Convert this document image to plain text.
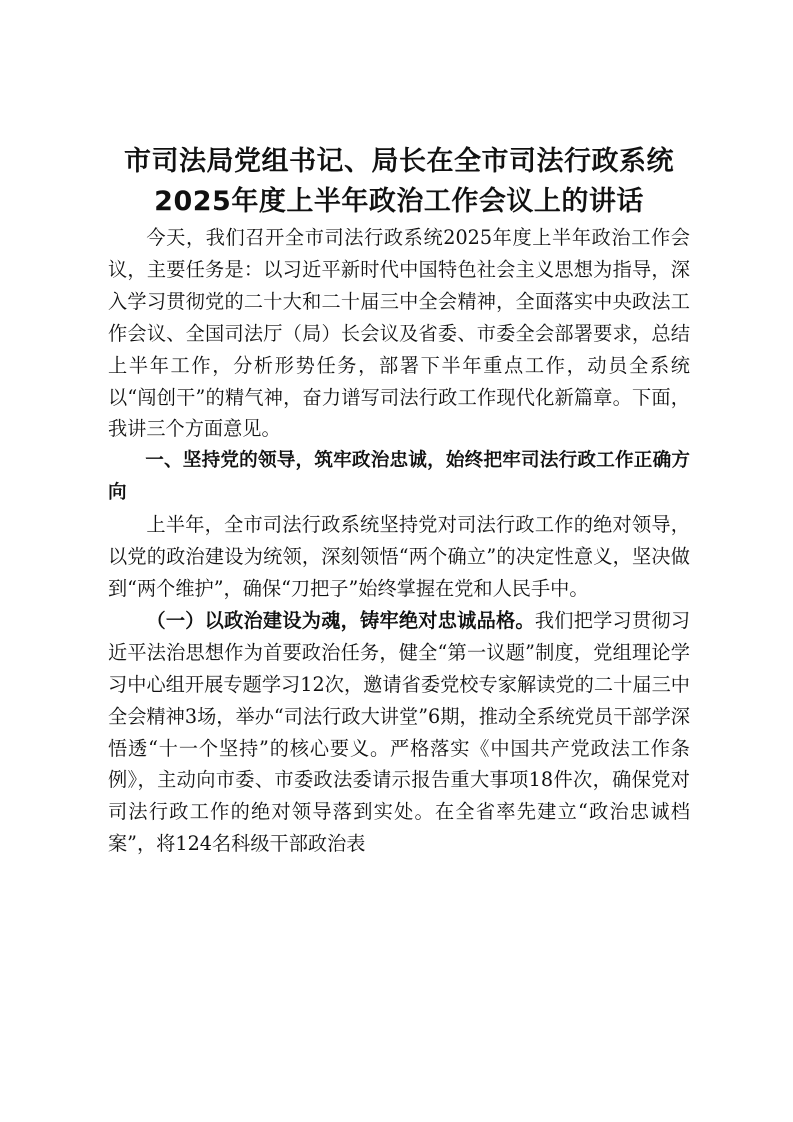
市司法局党组书记、局长在全市司法行政系统
2025年度上半年政治工作会议上的讲话

今天，我们召开全市司法行政系统2025年度上半年政治工作会议，主要任务是：以习近平新时代中国特色社会主义思想为指导，深入学习贯彻党的二十大和二十届三中全会精神，全面落实中央政法工作会议、全国司法厅（局）长会议及省委、市委全会部署要求，总结上半年工作，分析形势任务，部署下半年重点工作，动员全系统以“闯创干”的精气神，奋力谱写司法行政工作现代化新篇章。下面，我讲三个方面意见。

一、坚持党的领导，筑牢政治忠诚，始终把牢司法行政工作正确方向

上半年，全市司法行政系统坚持党对司法行政工作的绝对领导，以党的政治建设为统领，深刻领悟“两个确立”的决定性意义，坚决做到“两个维护”，确保“刀把子”始终掌握在党和人民手中。

（一）以政治建设为魂，铸牢绝对忠诚品格。我们把学习贯彻习近平法治思想作为首要政治任务，健全“第一议题”制度，党组理论学习中心组开展专题学习12次，邀请省委党校专家解读党的二十届三中全会精神3场，举办“司法行政大讲堂”6期，推动全系统党员干部学深悟透“十一个坚持”的核心要义。严格落实《中国共产党政法工作条例》，主动向市委、市委政法委请示报告重大事项18件次，确保党对司法行政工作的绝对领导落到实处。在全省率先建立“政治忠诚档案”，将124名科级干部政治表
